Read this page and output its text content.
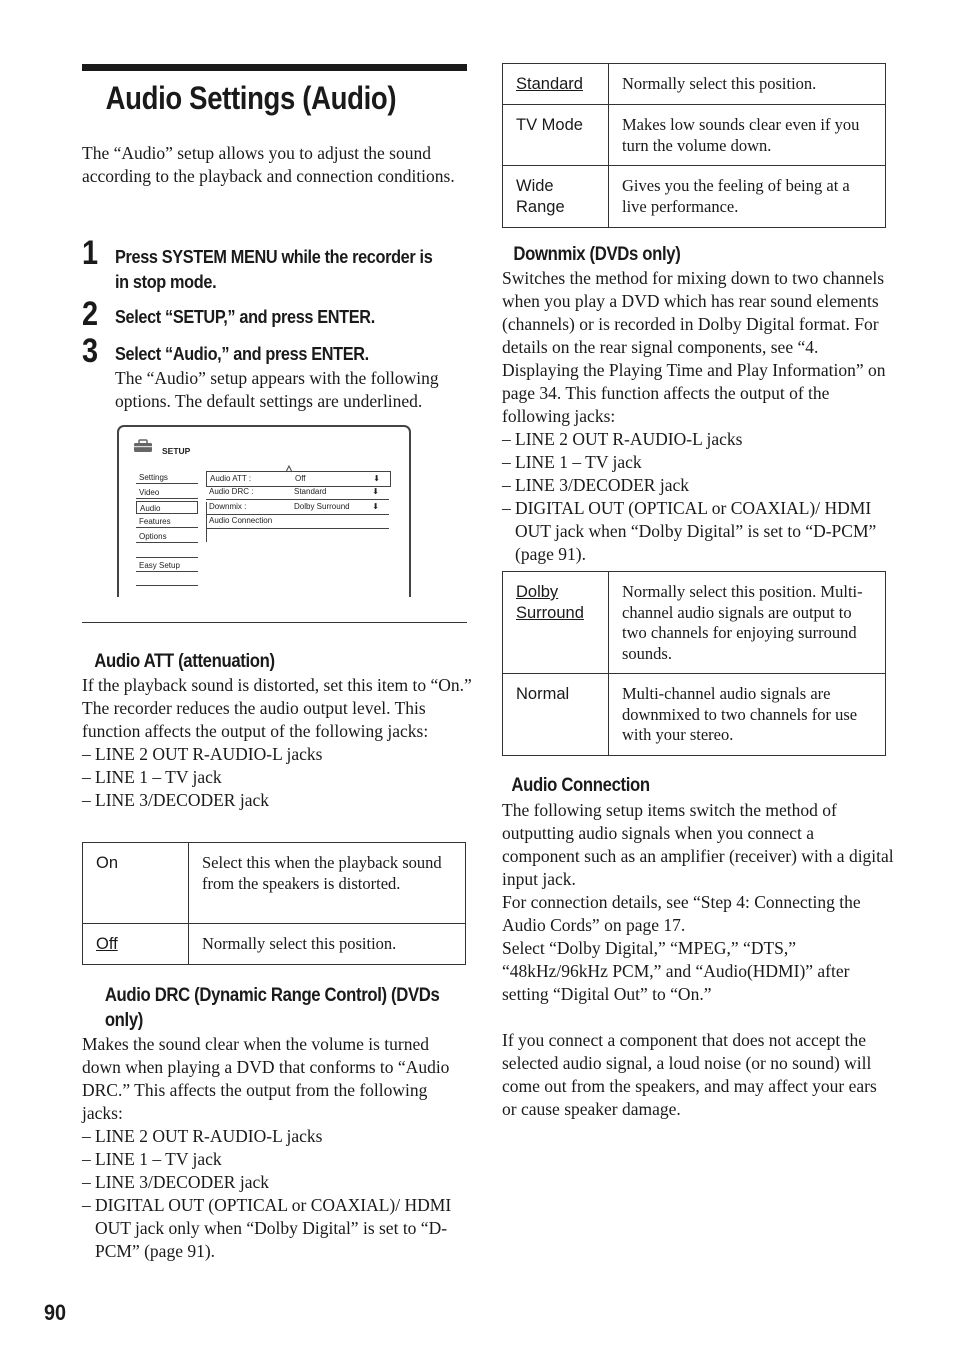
Audio Settings (Audio)

The “Audio” setup allows you to adjust the sound according to the playback and connection conditions.

1 Press SYSTEM MENU while the recorder is
in stop mode.
2 Select “SETUP,” and press ENTER.
3 Select “Audio,” and press ENTER.

The “Audio” setup appears with the following options. The default settings are underlined.

SETUP
Settings
Video
Audio
Features
Options
Easy Setup
Audio ATT :	Off	⬇
Audio DRC :	Standard	⬇
Downmix :	Dolby Surround	⬇
Audio Connection
Audio ATT (attenuation)

If the playback sound is distorted, set this item to “On.” The recorder reduces the audio output level. This function affects the output of the following jacks:

– LINE 2 OUT R-AUDIO-L jacks
– LINE 1 – TV jack
– LINE 3/DECODER jack
On	Select this when the playback sound from the speakers is distorted.

Off	Normally select this position.
Audio DRC (Dynamic Range Control) (DVDs
only)

Makes the sound clear when the volume is turned down when playing a DVD that conforms to “Audio DRC.” This affects the output from the following jacks:

– LINE 2 OUT R-AUDIO-L jacks
– LINE 1 – TV jack
– LINE 3/DECODER jack
– DIGITAL OUT (OPTICAL or COAXIAL)/ HDMI OUT jack only when “Dolby Digital” is set to “D-PCM” (page 91).
90
Standard	Normally select this position.

TV Mode	Makes low sounds clear even if you turn the volume down.

Wide
Range	Gives you the feeling of being at a live performance.
Downmix (DVDs only)

Switches the method for mixing down to two channels when you play a DVD which has rear sound elements (channels) or is recorded in Dolby Digital format. For details on the rear signal components, see “4. Displaying the Playing Time and Play Information” on page 34. This function affects the output of the following jacks:

– LINE 2 OUT R-AUDIO-L jacks
– LINE 1 – TV jack
– LINE 3/DECODER jack
– DIGITAL OUT (OPTICAL or COAXIAL)/ HDMI OUT jack when “Dolby Digital” is set to “D-PCM” (page 91).
Dolby
Surround	Normally select this position. Multi-channel audio signals are output to two channels for enjoying surround sounds.

Normal	Multi-channel audio signals are downmixed to two channels for use with your stereo.
Audio Connection

The following setup items switch the method of outputting audio signals when you connect a component such as an amplifier (receiver) with a digital input jack.

For connection details, see “Step 4: Connecting the Audio Cords” on page 17.

Select “Dolby Digital,” “MPEG,” “DTS,” “48kHz/96kHz PCM,” and “Audio(HDMI)” after setting “Digital Out” to “On.”

If you connect a component that does not accept the selected audio signal, a loud noise (or no sound) will come out from the speakers, and may affect your ears or cause speaker damage.
